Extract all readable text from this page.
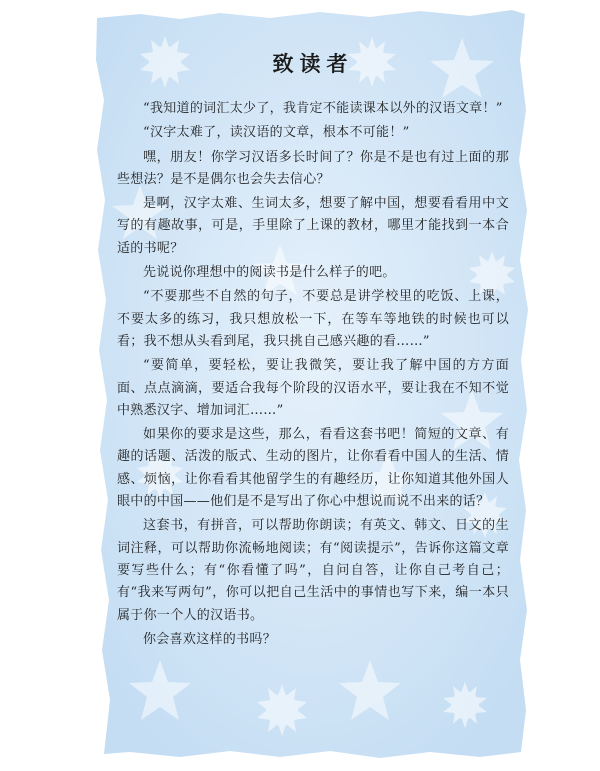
致读者

“我知道的词汇太少了，我肯定不能读课本以外的汉语文章！”

“汉字太难了，读汉语的文章，根本不可能！”

嘿，朋友！你学习汉语多长时间了？你是不是也有过上面的那些想法？是不是偶尔也会失去信心？

是啊，汉字太难、生词太多，想要了解中国，想要看看用中文写的有趣故事，可是，手里除了上课的教材，哪里才能找到一本合适的书呢？

先说说你理想中的阅读书是什么样子的吧。

“不要那些不自然的句子，不要总是讲学校里的吃饭、上课，不要太多的练习，我只想放松一下，在等车等地铁的时候也可以看；我不想从头看到尾，我只挑自己感兴趣的看……”

“要简单，要轻松，要让我微笑，要让我了解中国的方方面面、点点滴滴，要适合我每个阶段的汉语水平，要让我在不知不觉中熟悉汉字、增加词汇……”

如果你的要求是这些，那么，看看这套书吧！简短的文章、有趣的话题、活泼的版式、生动的图片，让你看看中国人的生活、情感、烦恼，让你看看其他留学生的有趣经历，让你知道其他外国人眼中的中国——他们是不是写出了你心中想说而说不出来的话？

这套书，有拼音，可以帮助你朗读；有英文、韩文、日文的生词注释，可以帮助你流畅地阅读；有“阅读提示”，告诉你这篇文章要写些什么；有“你看懂了吗”，自问自答，让你自己考自己；有“我来写两句”，你可以把自己生活中的事情也写下来，编一本只属于你一个人的汉语书。

你会喜欢这样的书吗？
